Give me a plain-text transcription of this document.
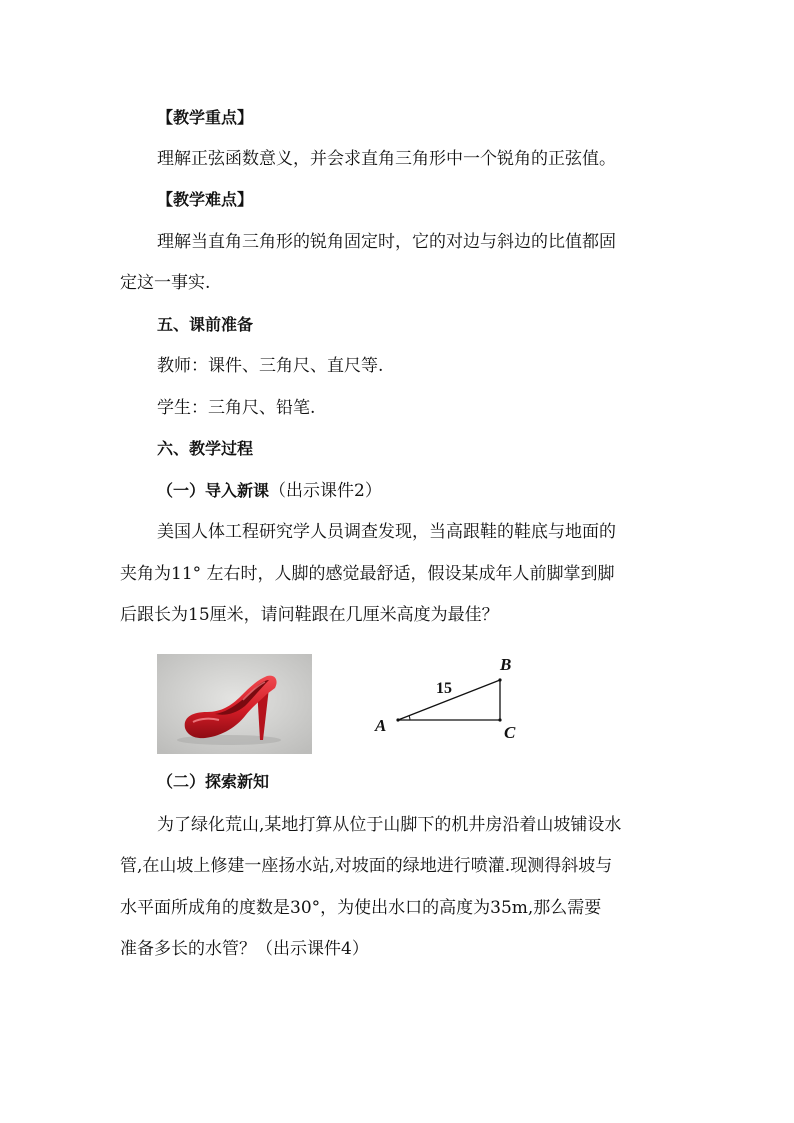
【教学重点】
理解正弦函数意义，并会求直角三角形中一个锐角的正弦值。
【教学难点】
理解当直角三角形的锐角固定时，它的对边与斜边的比值都固
定这一事实.
五、课前准备
教师：课件、三角尺、直尺等.
学生：三角尺、铅笔.
六、教学过程
（一）导入新课（出示课件2）
美国人体工程研究学人员调查发现，当高跟鞋的鞋底与地面的
夹角为11° 左右时，人脚的感觉最舒适，假设某成年人前脚掌到脚
后跟长为15厘米，请问鞋跟在几厘米高度为最佳？
A
B
C
15
（二）探索新知
为了绿化荒山,某地打算从位于山脚下的机井房沿着山坡铺设水
管,在山坡上修建一座扬水站,对坡面的绿地进行喷灌.现测得斜坡与
水平面所成角的度数是30°，为使出水口的高度为35m,那么需要
准备多长的水管？（出示课件4）
